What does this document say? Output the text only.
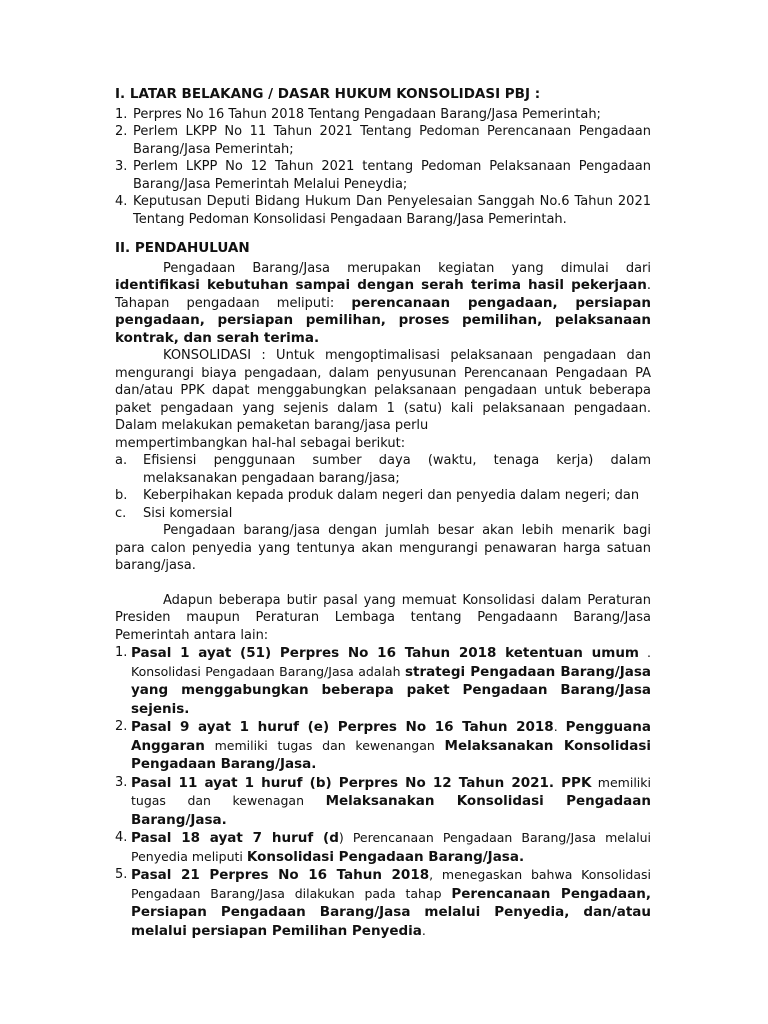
I. LATAR BELAKANG / DASAR HUKUM KONSOLIDASI PBJ :
1. Perpres No 16 Tahun 2018 Tentang Pengadaan Barang/Jasa Pemerintah;
2. Perlem LKPP No 11 Tahun 2021 Tentang Pedoman Perencanaan Pengadaan Barang/Jasa Pemerintah;
3. Perlem LKPP No 12 Tahun 2021 tentang Pedoman Pelaksanaan Pengadaan Barang/Jasa Pemerintah Melalui Peneydia;
4. Keputusan Deputi Bidang Hukum Dan Penyelesaian Sanggah No.6 Tahun 2021 Tentang Pedoman Konsolidasi Pengadaan Barang/Jasa Pemerintah.
II. PENDAHULUAN

Pengadaan Barang/Jasa merupakan kegiatan yang dimulai dari identifikasi kebutuhan sampai dengan serah terima hasil pekerjaan. Tahapan pengadaan meliputi: perencanaan pengadaan, persiapan pengadaan, persiapan pemilihan, proses pemilihan, pelaksanaan kontrak, dan serah terima.

KONSOLIDASI : Untuk mengoptimalisasi pelaksanaan pengadaan dan mengurangi biaya pengadaan, dalam penyusunan Perencanaan Pengadaan PA dan/atau PPK dapat menggabungkan pelaksanaan pengadaan untuk beberapa paket pengadaan yang sejenis dalam 1 (satu) kali pelaksanaan pengadaan. Dalam melakukan pemaketan barang/jasa perlu

mempertimbangkan hal-hal sebagai berikut:

a. Efisiensi penggunaan sumber daya (waktu, tenaga kerja) dalam melaksanakan pengadaan barang/jasa;
b. Keberpihakan kepada produk dalam negeri dan penyedia dalam negeri; dan
c. Sisi komersial

Pengadaan barang/jasa dengan jumlah besar akan lebih menarik bagi para calon penyedia yang tentunya akan mengurangi penawaran harga satuan barang/jasa.

Adapun beberapa butir pasal yang memuat Konsolidasi dalam Peraturan Presiden maupun Peraturan Lembaga tentang Pengadaann Barang/Jasa Pemerintah antara lain:

1. Pasal 1 ayat (51) Perpres No 16 Tahun 2018 ketentuan umum . Konsolidasi Pengadaan Barang/Jasa adalah strategi Pengadaan Barang/Jasa yang menggabungkan beberapa paket Pengadaan Barang/Jasa sejenis.
2. Pasal 9 ayat 1 huruf (e) Perpres No 16 Tahun 2018. Pengguana Anggaran memiliki tugas dan kewenangan Melaksanakan Konsolidasi Pengadaan Barang/Jasa.
3. Pasal 11 ayat 1 huruf (b) Perpres No 12 Tahun 2021. PPK memiliki tugas dan kewenagan Melaksanakan Konsolidasi Pengadaan Barang/Jasa.
4. Pasal 18 ayat 7 huruf (d) Perencanaan Pengadaan Barang/Jasa melalui Penyedia meliputi Konsolidasi Pengadaan Barang/Jasa.
5. Pasal 21 Perpres No 16 Tahun 2018, menegaskan bahwa Konsolidasi Pengadaan Barang/Jasa dilakukan pada tahap Perencanaan Pengadaan, Persiapan Pengadaan Barang/Jasa melalui Penyedia, dan/atau melalui persiapan Pemilihan Penyedia.
